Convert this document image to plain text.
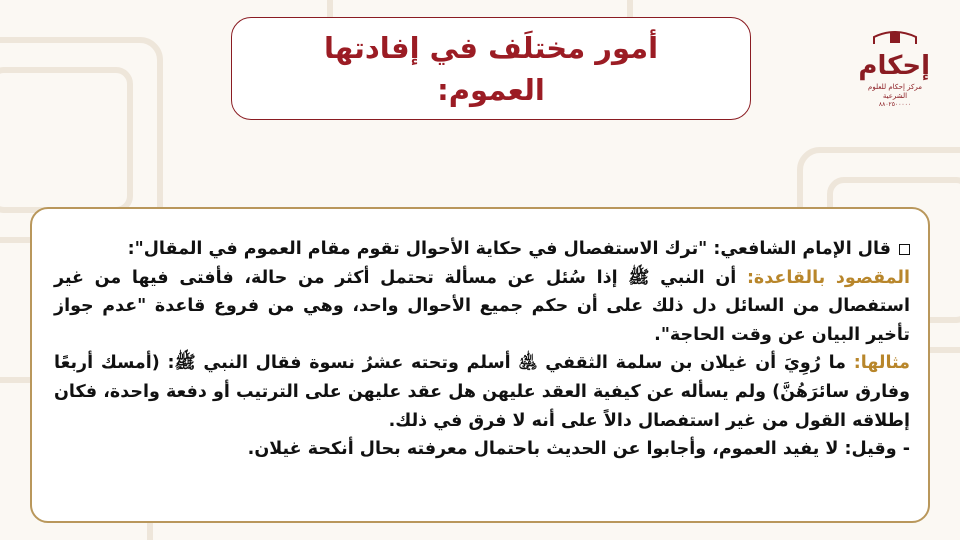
أمور مختلَف في إفادتها
العموم:
إحكام
مركز إحكام للعلوم الشرعية
٨٨٠٢٥٠٠٠٠٠

قال الإمام الشافعي: "ترك الاستفصال في حكاية الأحوال تقوم مقام العموم في المقال":

المقصود بالقاعدة: أن النبي ﷺ إذا سُئل عن مسألة تحتمل أكثر من حالة، فأفتى فيها من غير استفصال من السائل دل ذلك على أن حكم جميع الأحوال واحد، وهي من فروع قاعدة "عدم جواز تأخير البيان عن وقت الحاجة".

مثالها: ما رُوِيَ أن غيلان بن سلمة الثقفي ﵁ أسلم وتحته عشرُ نسوة فقال النبي ﷺ: (أمسك أربعًا وفارق سائرَهُنَّ) ولم يسأله عن كيفية العقد عليهن هل عقد عليهن على الترتيب أو دفعة واحدة، فكان إطلاقه القول من غير استفصال دالاً على أنه لا فرق في ذلك.

- وقيل: لا يفيد العموم، وأجابوا عن الحديث باحتمال معرفته بحال أنكحة غيلان.
